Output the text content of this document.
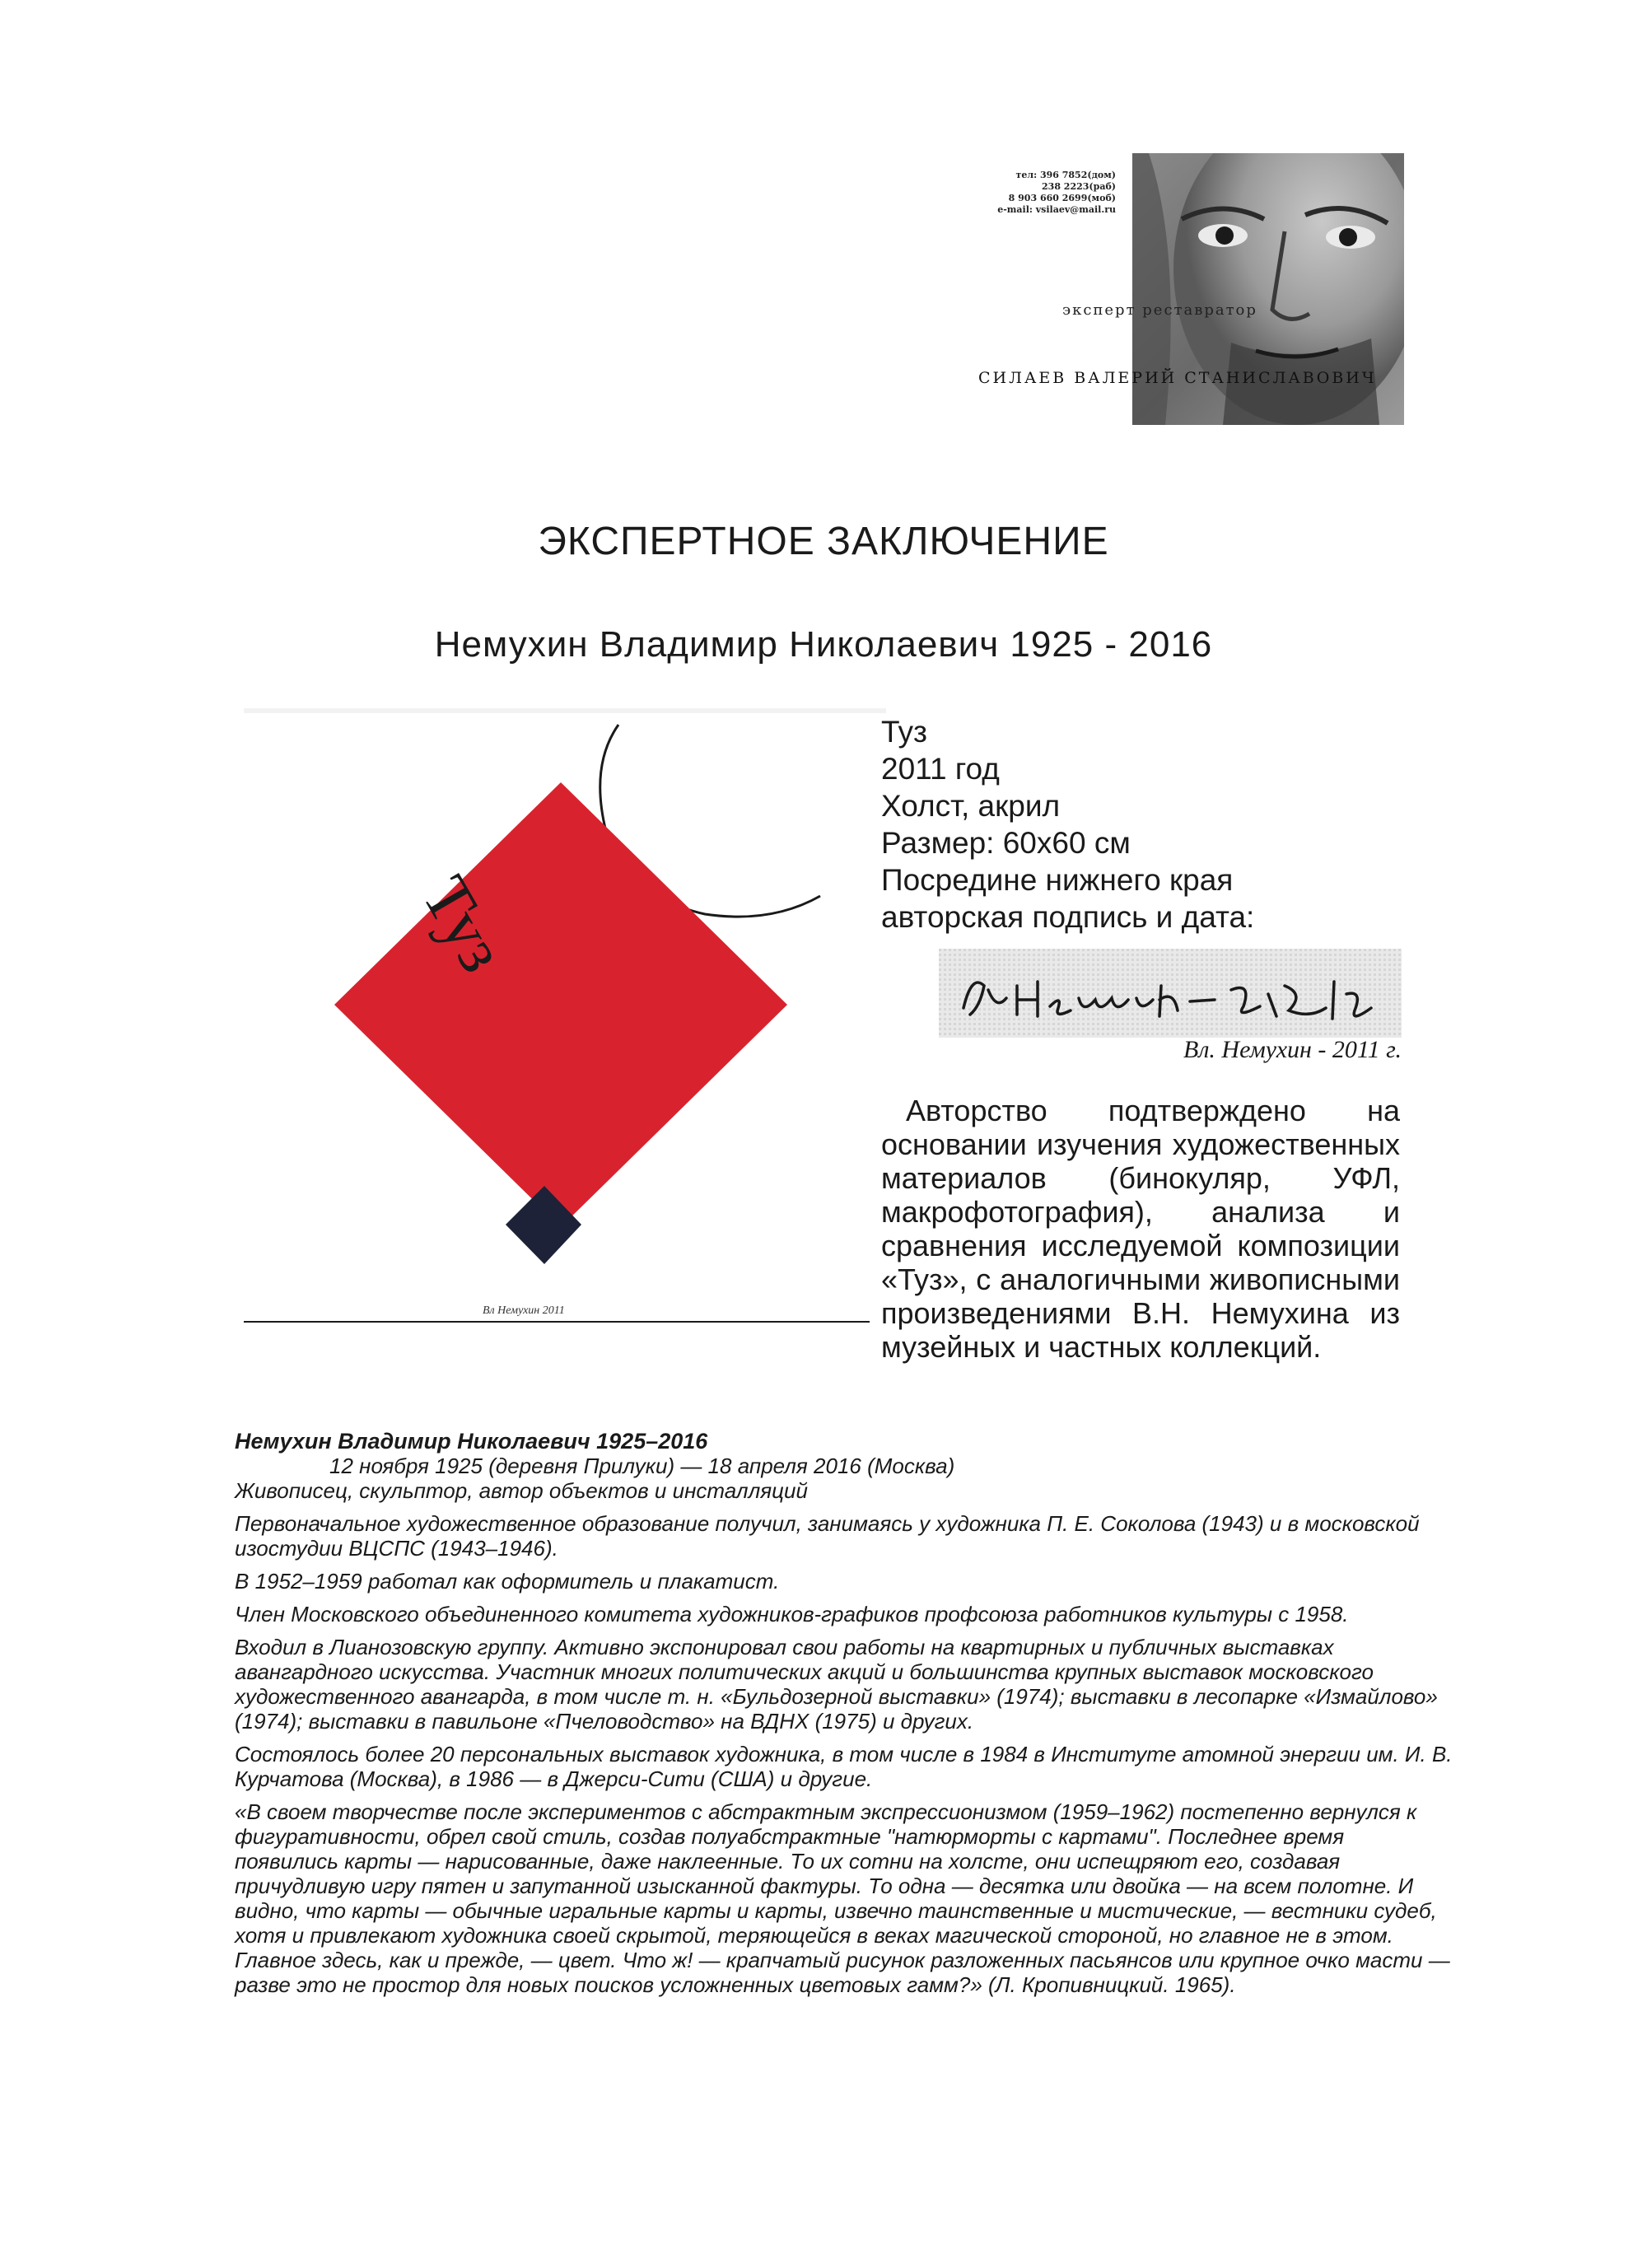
тел: 396 7852(дом)
238 2223(раб)
8 903 660 2699(моб)
e-mail: vsilaev@mail.ru
эксперт реставратор
СИЛАЕВ ВАЛЕРИЙ СТАНИСЛАВОВИЧ
ЭКСПЕРТНОЕ ЗАКЛЮЧЕНИЕ
Немухин Владимир Николаевич 1925 - 2016
Туз
Вл Немухин 2011
Туз
2011 год
Холст, акрил
Размер: 60х60 см
Посредине нижнего края
авторская подпись и дата:
Вл. Немухин - 2011 г.

Авторство подтверждено на основании изучения художественных материалов (бинокуляр, УФЛ, макрофотография), анализа и сравнения исследуемой композиции «Туз», с аналогичными живописными произведениями В.Н. Немухина из музейных и частных коллекций.

Немухин Владимир Николаевич 1925–2016

12 ноября 1925 (деревня Прилуки) — 18 апреля 2016 (Москва)

Живописец, скульптор, автор объектов и инсталляций

Первоначальное художественное образование получил, занимаясь у художника П. Е. Соколова (1943) и в московской изостудии ВЦСПС (1943–1946).

В 1952–1959 работал как оформитель и плакатист.

Член Московского объединенного комитета художников-графиков профсоюза работников культуры с 1958.

Входил в Лианозовскую группу. Активно экспонировал свои работы на квартирных и публичных выставках авангардного искусства. Участник многих политических акций и большинства крупных выставок московского художественного авангарда, в том числе т. н. «Бульдозерной выставки» (1974); выставки в лесопарке «Измайлово» (1974); выставки в павильоне «Пчеловодство» на ВДНХ (1975) и других.

Состоялось более 20 персональных выставок художника, в том числе в 1984 в Институте атомной энергии им. И. В. Курчатова (Москва), в 1986 — в Джерси-Сити (США) и другие.

«В своем творчестве после экспериментов с абстрактным экспрессионизмом (1959–1962) постепенно вернулся к фигуративности, обрел свой стиль, создав полуабстрактные "натюрморты с картами". Последнее время появились карты — нарисованные, даже наклеенные. То их сотни на холсте, они испещряют его, создавая причудливую игру пятен и запутанной изысканной фактуры. То одна — десятка или двойка — на всем полотне. И видно, что карты — обычные игральные карты и карты, извечно таинственные и мистические, — вестники судеб, хотя и привлекают художника своей скрытой, теряющейся в веках магической стороной, но главное не в этом. Главное здесь, как и прежде, — цвет. Что ж! — крапчатый рисунок разложенных пасьянсов или крупное очко масти — разве это не простор для новых поисков усложненных цветовых гамм?» (Л. Кропивницкий. 1965).
